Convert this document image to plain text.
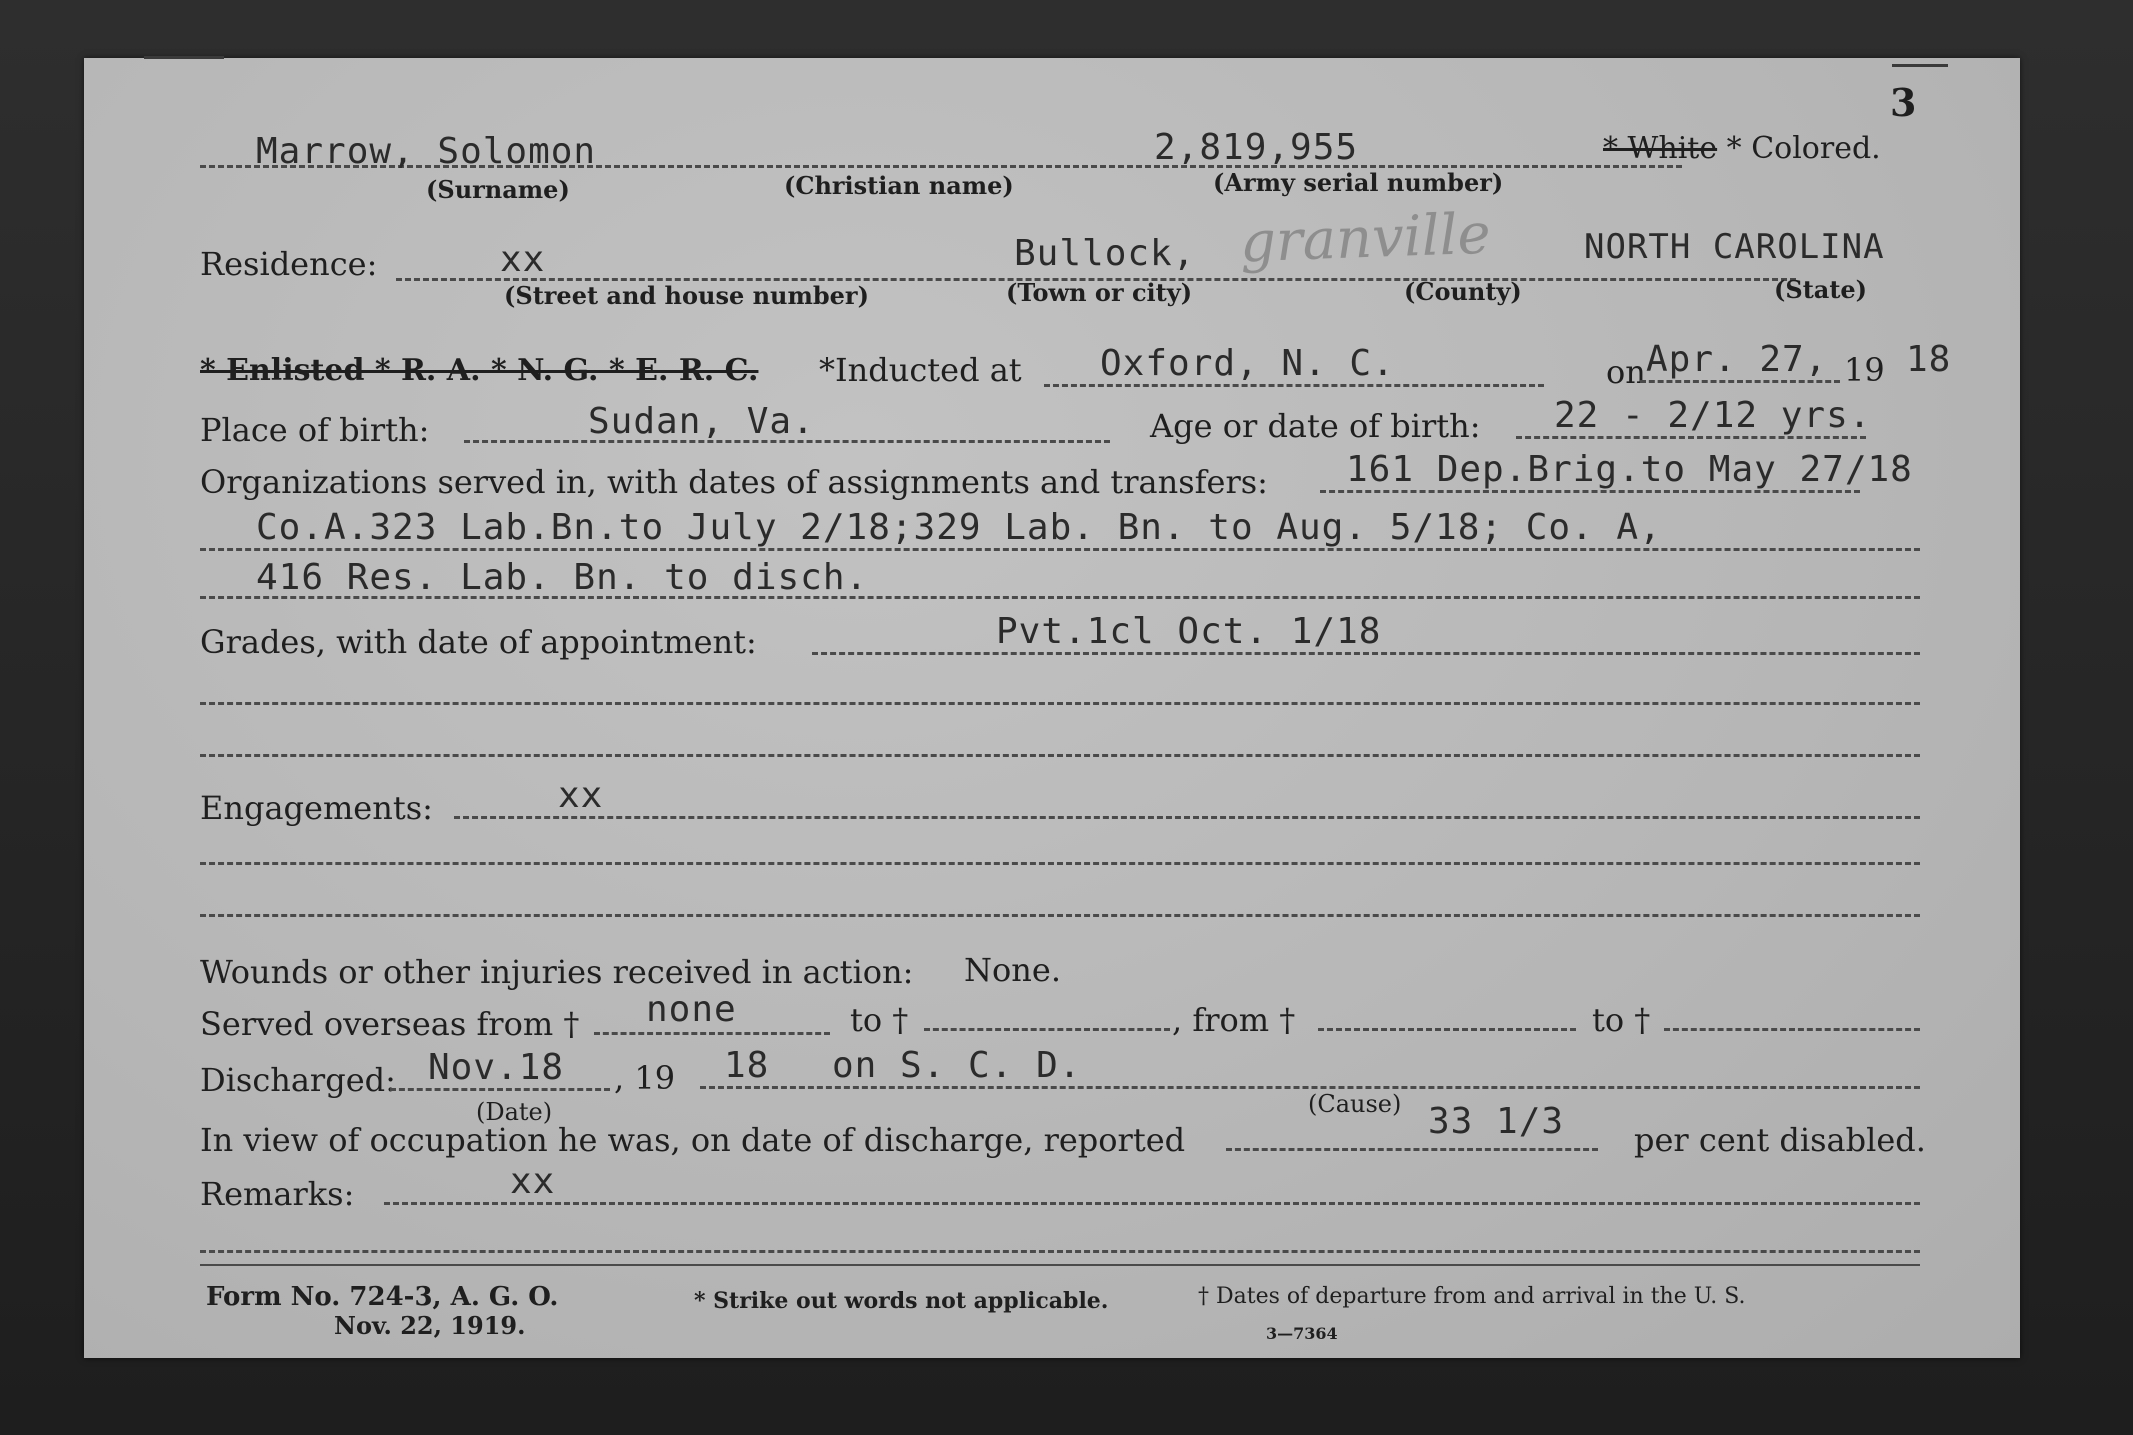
3
Marrow, Solomon	2,819,955	* White * Colored.
(Surname)	(Christian name)	(Army serial number)
Residence:	xx	Bullock, granville	NORTH CAROLINA
(Street and house number)	(Town or city)	(County)	(State)
* Enlisted * R. A. * N. G. * E. R. C. *Inducted at Oxford, N. C.	on Apr. 27, 19 18
Place of birth:	Sudan, Va.	Age or date of birth: 22 - 2/12 yrs.
Organizations served in, with dates of assignments and transfers: 161 Dep.Brig.to May 27/18
Co.A.323 Lab.Bn.to July 2/18;329 Lab. Bn. to Aug. 5/18; Co. A,
416 Res. Lab. Bn. to disch.
Grades, with date of appointment:	Pvt.1cl Oct. 1/18
Engagements:	xx
Wounds or other injuries received in action: None.
Served overseas from † none	to †	, from †	to †
Discharged: Nov.18 , 19 18 on S. C. D.
(Date)	(Cause)
In view of occupation he was, on date of discharge, reported	33 1/3 per cent disabled.
Remarks:	xx
Form No. 724-3, A. G. O.
Nov. 22, 1919.
* Strike out words not applicable.	† Dates of departure from and arrival in the U. S.
3—7364
